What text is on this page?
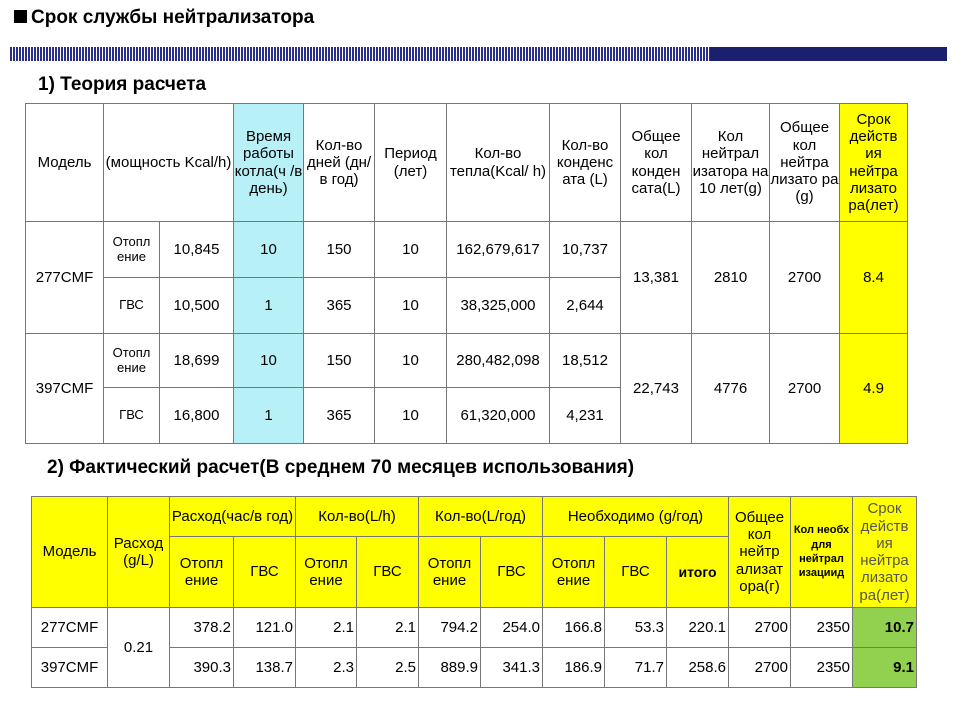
Срок службы нейтрализатора
1) Теория расчета
Модель	(мощность Kcal/h)		Время работы котла(ч /в день)	Кол-во дней (дн/в год)	Период (лет)	Кол-во тепла(Kcal/ h)	Кол-во конденс ата (L)	Общее кол конден сата(L)	Кол нейтрал изатора на 10 лет(g)	Общее кол нейтра лизато ра (g)	Срок действ ия нейтра лизато ра(лет)
277CMF	Отопл ение	10,845	10	150	10	162,679,617	10,737	13,381	2810	2700	8.4
	ГВС	10,500	1	365	10	38,325,000	2,644				
397CMF	Отопл ение	18,699	10	150	10	280,482,098	18,512	22,743	4776	2700	4.9
	ГВС	16,800	1	365	10	61,320,000	4,231				
2) Фактический расчет(В среднем 70 месяцев использования)
Модель	Расход (g/L)	Расход(час/в год)		Кол-во(L/h)		Кол-во(L/год)		Необходимо (g/год)			Общее кол нейтр ализат ора(г)	Кол необх для нейтрал изациид	Срок действ ия нейтра лизато ра(лет)
		Отопл ение	ГВС	Отопл ение	ГВС	Отопл ение	ГВС	Отопл ение	ГВС	итого			
277CMF	0.21	378.2	121.0	2.1	2.1	794.2	254.0	166.8	53.3	220.1	2700	2350	10.7
397CMF		390.3	138.7	2.3	2.5	889.9	341.3	186.9	71.7	258.6	2700	2350	9.1
